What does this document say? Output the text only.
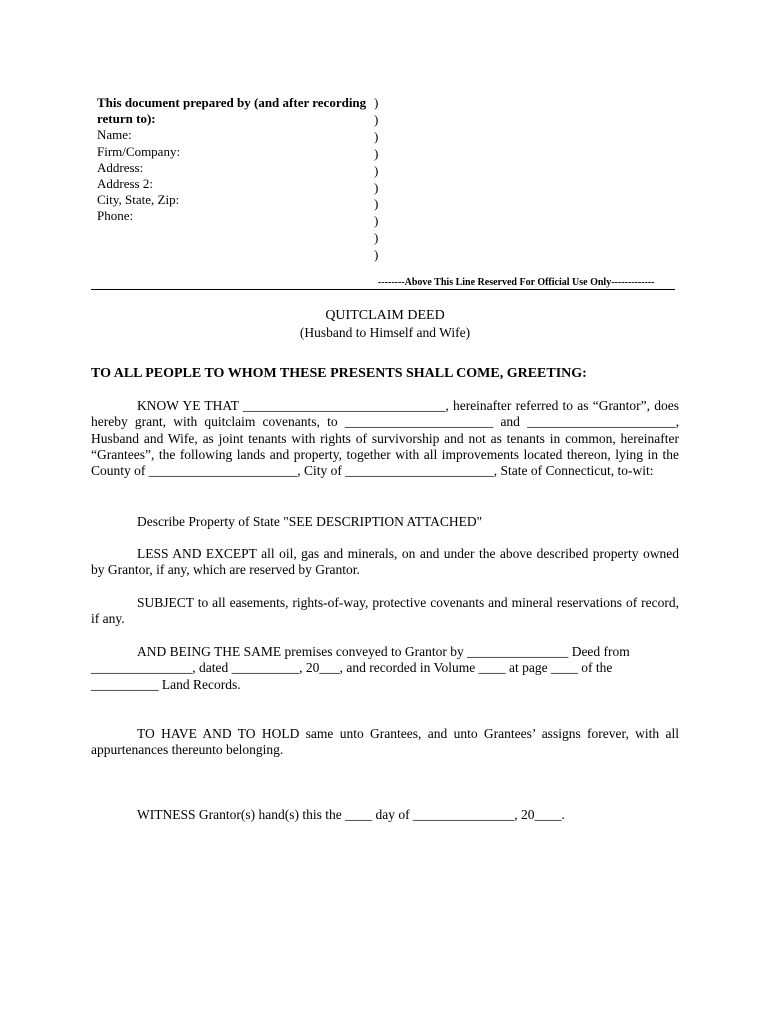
This document prepared by (and after recording
return to):
Name:
Firm/Company:
Address:
Address 2:
City, State, Zip:
Phone:
)
)
)
)
)
)
)
)
)
)
--------Above This Line Reserved For Official Use Only-------------
QUITCLAIM DEED
(Husband to Himself and Wife)
TO ALL PEOPLE TO WHOM THESE PRESENTS SHALL COME, GREETING:
KNOW YE THAT ______________________________, hereinafter referred to as “Grantor”, does hereby grant, with quitclaim covenants, to ______________________ and ______________________, Husband and Wife, as joint tenants with rights of survivorship and not as tenants in common, hereinafter “Grantees”, the following lands and property, together with all improvements located thereon, lying in the County of ______________________, City of ______________________, State of Connecticut, to-wit:
Describe Property of State "SEE DESCRIPTION ATTACHED"
LESS AND EXCEPT all oil, gas and minerals, on and under the above described property owned by Grantor, if any, which are reserved by Grantor.
SUBJECT to all easements, rights-of-way, protective covenants and mineral reservations of record, if any.
AND BEING THE SAME premises conveyed to Grantor by _______________ Deed from
_______________, dated __________, 20___, and recorded in Volume ____ at page ____ of the
__________ Land Records.
TO HAVE AND TO HOLD same unto Grantees, and unto Grantees’ assigns forever, with all appurtenances thereunto belonging.
WITNESS Grantor(s) hand(s) this the ____ day of _______________, 20____.
